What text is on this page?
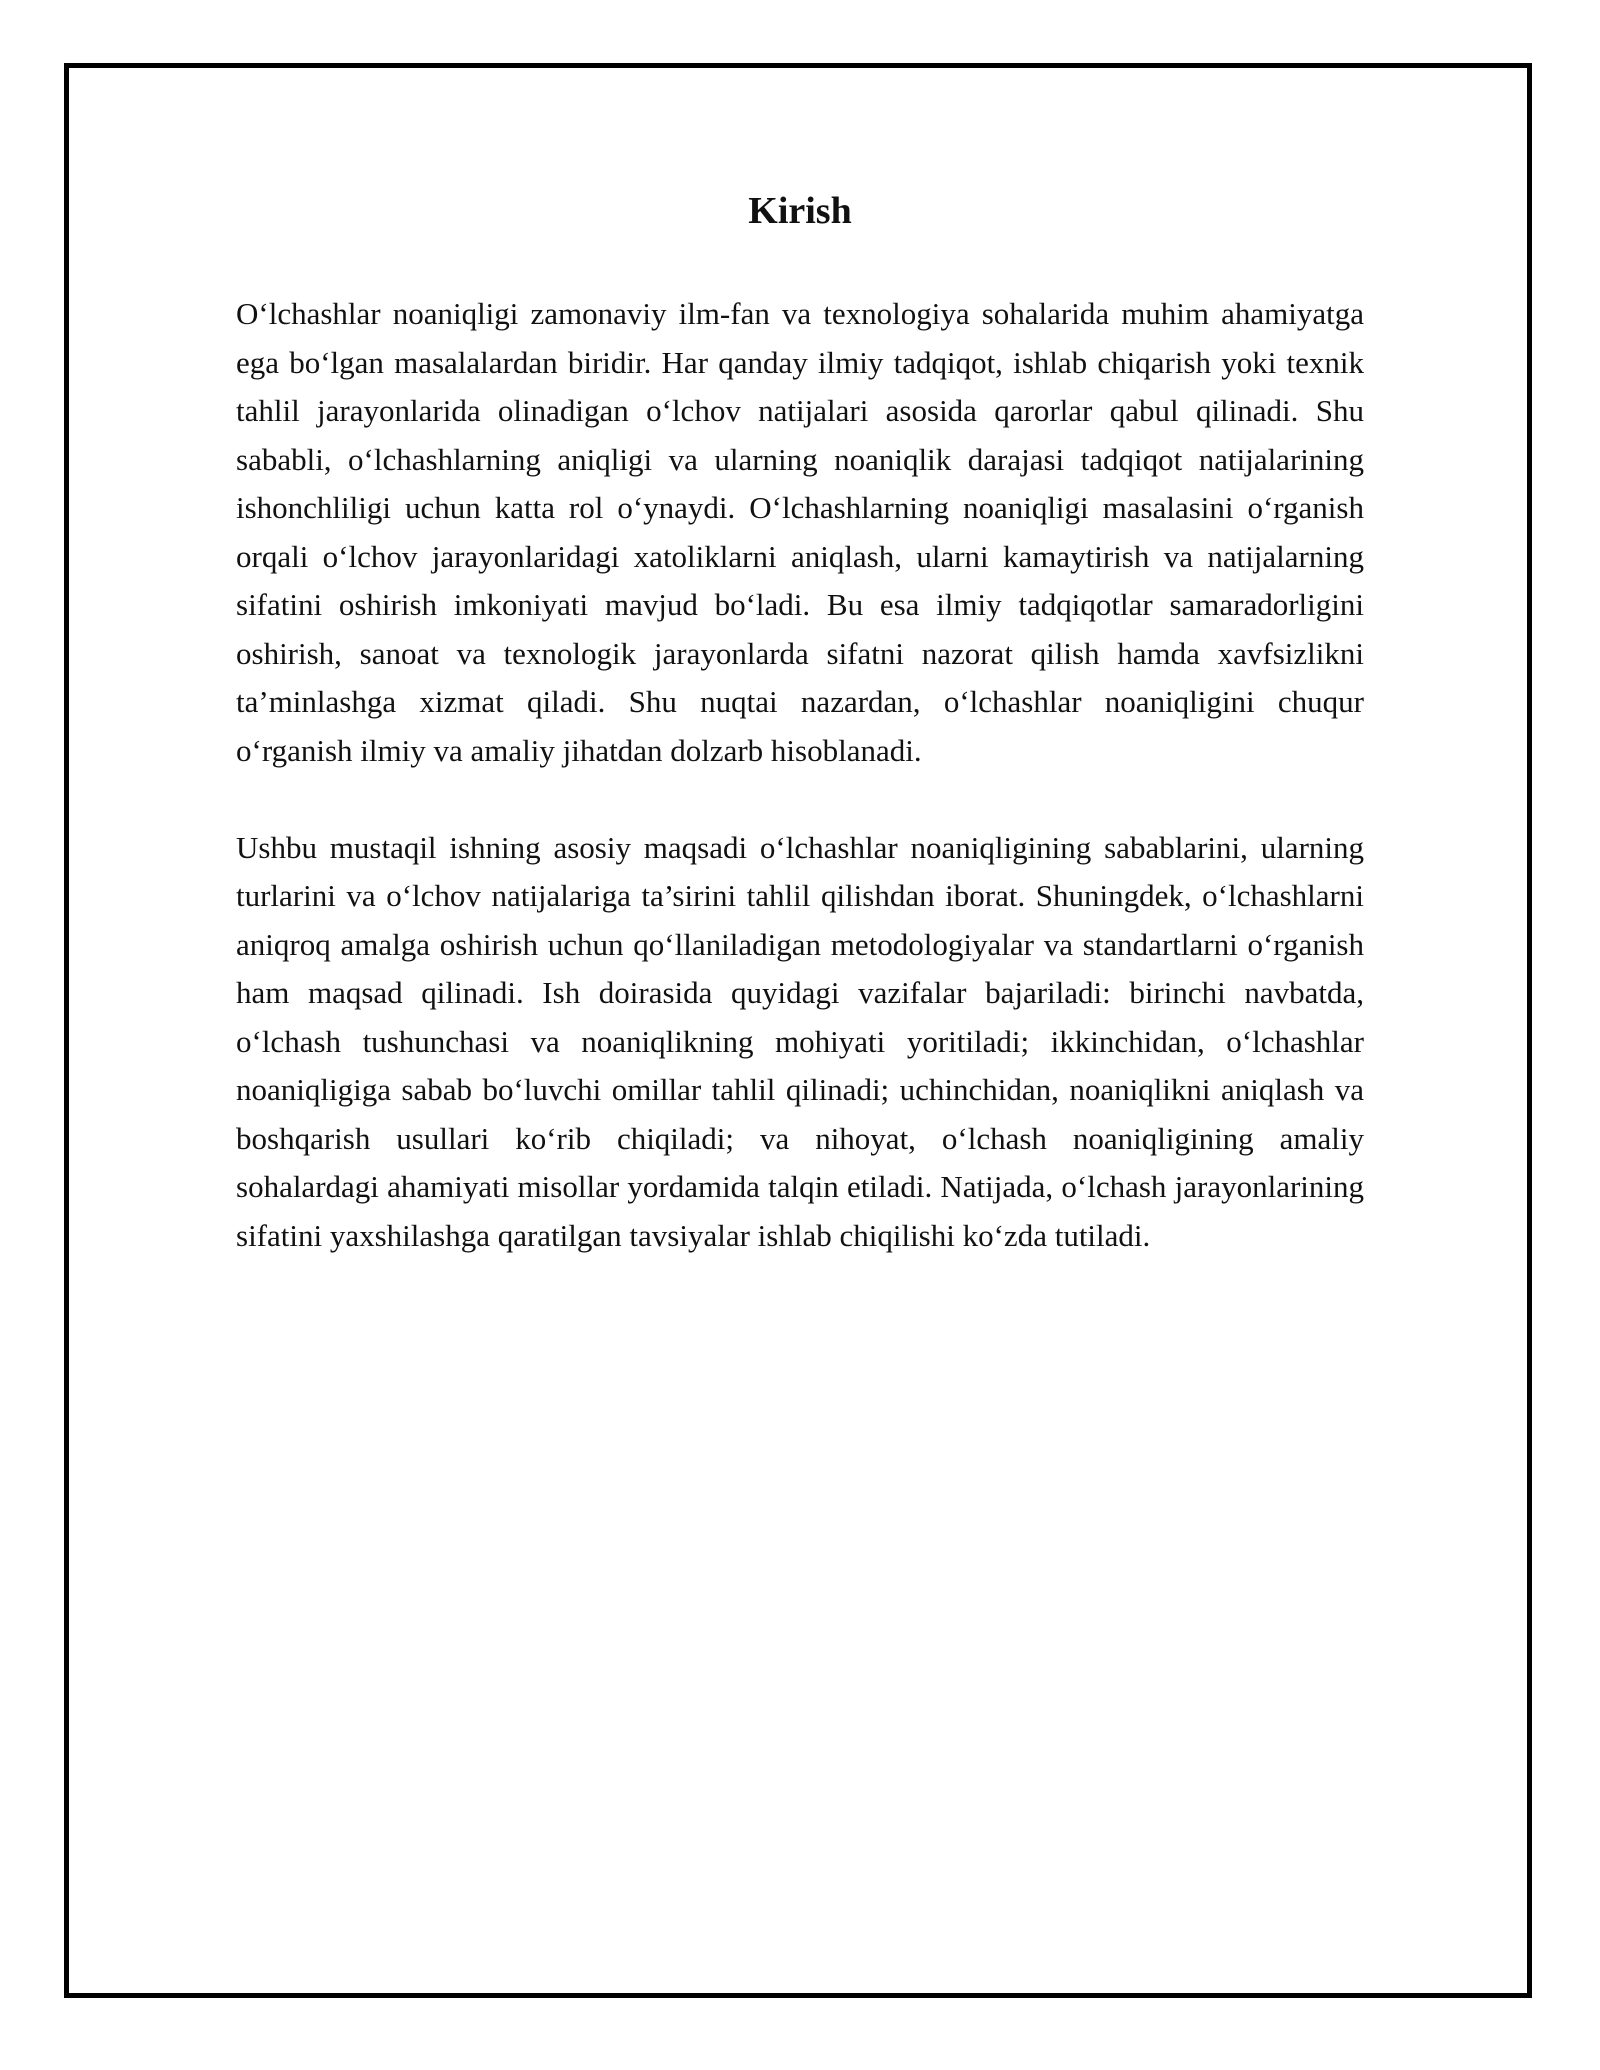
Kirish

O‘lchashlar noaniqligi zamonaviy ilm-fan va texnologiya sohalarida muhim ahamiyatga ega bo‘lgan masalalardan biridir. Har qanday ilmiy tadqiqot, ishlab chiqarish yoki texnik tahlil jarayonlarida olinadigan o‘lchov natijalari asosida qarorlar qabul qilinadi. Shu sababli, o‘lchashlarning aniqligi va ularning noaniqlik darajasi tadqiqot natijalarining ishonchliligi uchun katta rol o‘ynaydi. O‘lchashlarning noaniqligi masalasini o‘rganish orqali o‘lchov jarayonlaridagi xatoliklarni aniqlash, ularni kamaytirish va natijalarning sifatini oshirish imkoniyati mavjud bo‘ladi. Bu esa ilmiy tadqiqotlar samaradorligini oshirish, sanoat va texnologik jarayonlarda sifatni nazorat qilish hamda xavfsizlikni ta’minlashga xizmat qiladi. Shu nuqtai nazardan, o‘lchashlar noaniqligini chuqur o‘rganish ilmiy va amaliy jihatdan dolzarb hisoblanadi.

Ushbu mustaqil ishning asosiy maqsadi o‘lchashlar noaniqligining sabablarini, ularning turlarini va o‘lchov natijalariga ta’sirini tahlil qilishdan iborat. Shuningdek, o‘lchashlarni aniqroq amalga oshirish uchun qo‘llaniladigan metodologiyalar va standartlarni o‘rganish ham maqsad qilinadi. Ish doirasida quyidagi vazifalar bajariladi: birinchi navbatda, o‘lchash tushunchasi va noaniqlikning mohiyati yoritiladi; ikkinchidan, o‘lchashlar noaniqligiga sabab bo‘luvchi omillar tahlil qilinadi; uchinchidan, noaniqlikni aniqlash va boshqarish usullari ko‘rib chiqiladi; va nihoyat, o‘lchash noaniqligining amaliy sohalardagi ahamiyati misollar yordamida talqin etiladi. Natijada, o‘lchash jarayonlarining sifatini yaxshilashga qaratilgan tavsiyalar ishlab chiqilishi ko‘zda tutiladi.
